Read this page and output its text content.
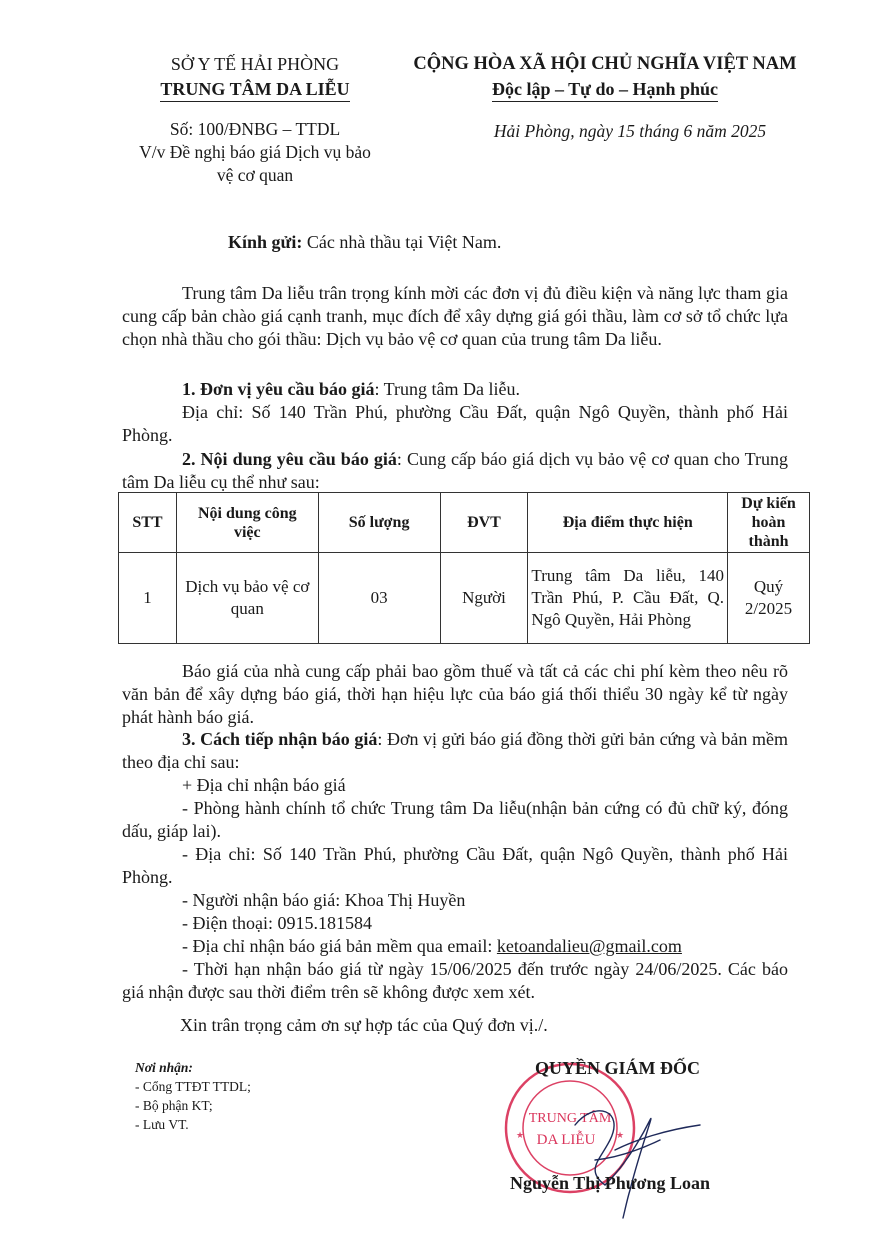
SỞ Y TẾ HẢI PHÒNG
TRUNG TÂM DA LIỄU
CỘNG HÒA XÃ HỘI CHỦ NGHĨA VIỆT NAM
Độc lập – Tự do – Hạnh phúc
Số: 100/ĐNBG – TTDL
V/v Đề nghị báo giá Dịch vụ bảo
vệ cơ quan
Hải Phòng, ngày 15 tháng 6 năm 2025
Kính gửi: Các nhà thầu tại Việt Nam.
Trung tâm Da liễu trân trọng kính mời các đơn vị đủ điều kiện và năng lực tham gia cung cấp bản chào giá cạnh tranh, mục đích để xây dựng giá gói thầu, làm cơ sở tổ chức lựa chọn nhà thầu cho gói thầu: Dịch vụ bảo vệ cơ quan của trung tâm Da liễu.
1. Đơn vị yêu cầu báo giá: Trung tâm Da liễu.
Địa chỉ: Số 140 Trần Phú, phường Cầu Đất, quận Ngô Quyền, thành phố Hải Phòng.
2. Nội dung yêu cầu báo giá: Cung cấp báo giá dịch vụ bảo vệ cơ quan cho Trung tâm Da liễu cụ thể như sau:
STT	Nội dung công
việc	Số lượng	ĐVT	Địa điểm thực hiện	Dự kiến
hoàn thành
1	Dịch vụ bảo vệ cơ quan	03	Người	Trung tâm Da liễu, 140 Trần Phú, P. Cầu Đất, Q. Ngô Quyền, Hải Phòng	Quý
2/2025
Báo giá của nhà cung cấp phải bao gồm thuế và tất cả các chi phí kèm theo nêu rõ văn bản để xây dựng báo giá, thời hạn hiệu lực của báo giá thối thiểu 30 ngày kể từ ngày phát hành báo giá.
3. Cách tiếp nhận báo giá: Đơn vị gửi báo giá đồng thời gửi bản cứng và bản mềm theo địa chỉ sau:
+ Địa chỉ nhận báo giá
- Phòng hành chính tổ chức Trung tâm Da liễu(nhận bản cứng có đủ chữ ký, đóng dấu, giáp lai).
- Địa chỉ: Số 140 Trần Phú, phường Cầu Đất, quận Ngô Quyền, thành phố Hải Phòng.
- Người nhận báo giá: Khoa Thị Huyền
- Điện thoại: 0915.181584
- Địa chỉ nhận báo giá bản mềm qua email: ketoandalieu@gmail.com
- Thời hạn nhận báo giá từ ngày 15/06/2025 đến trước ngày 24/06/2025. Các báo giá nhận được sau thời điểm trên sẽ không được xem xét.
Xin trân trọng cảm ơn sự hợp tác của Quý đơn vị./.
Nơi nhận:
- Cổng TTĐT TTDL;
- Bộ phận KT;
- Lưu VT.	TRUNG TÂM
DA LIỄU
★	★
QUYỀN GIÁM ĐỐC
Nguyễn Thị Phương Loan
